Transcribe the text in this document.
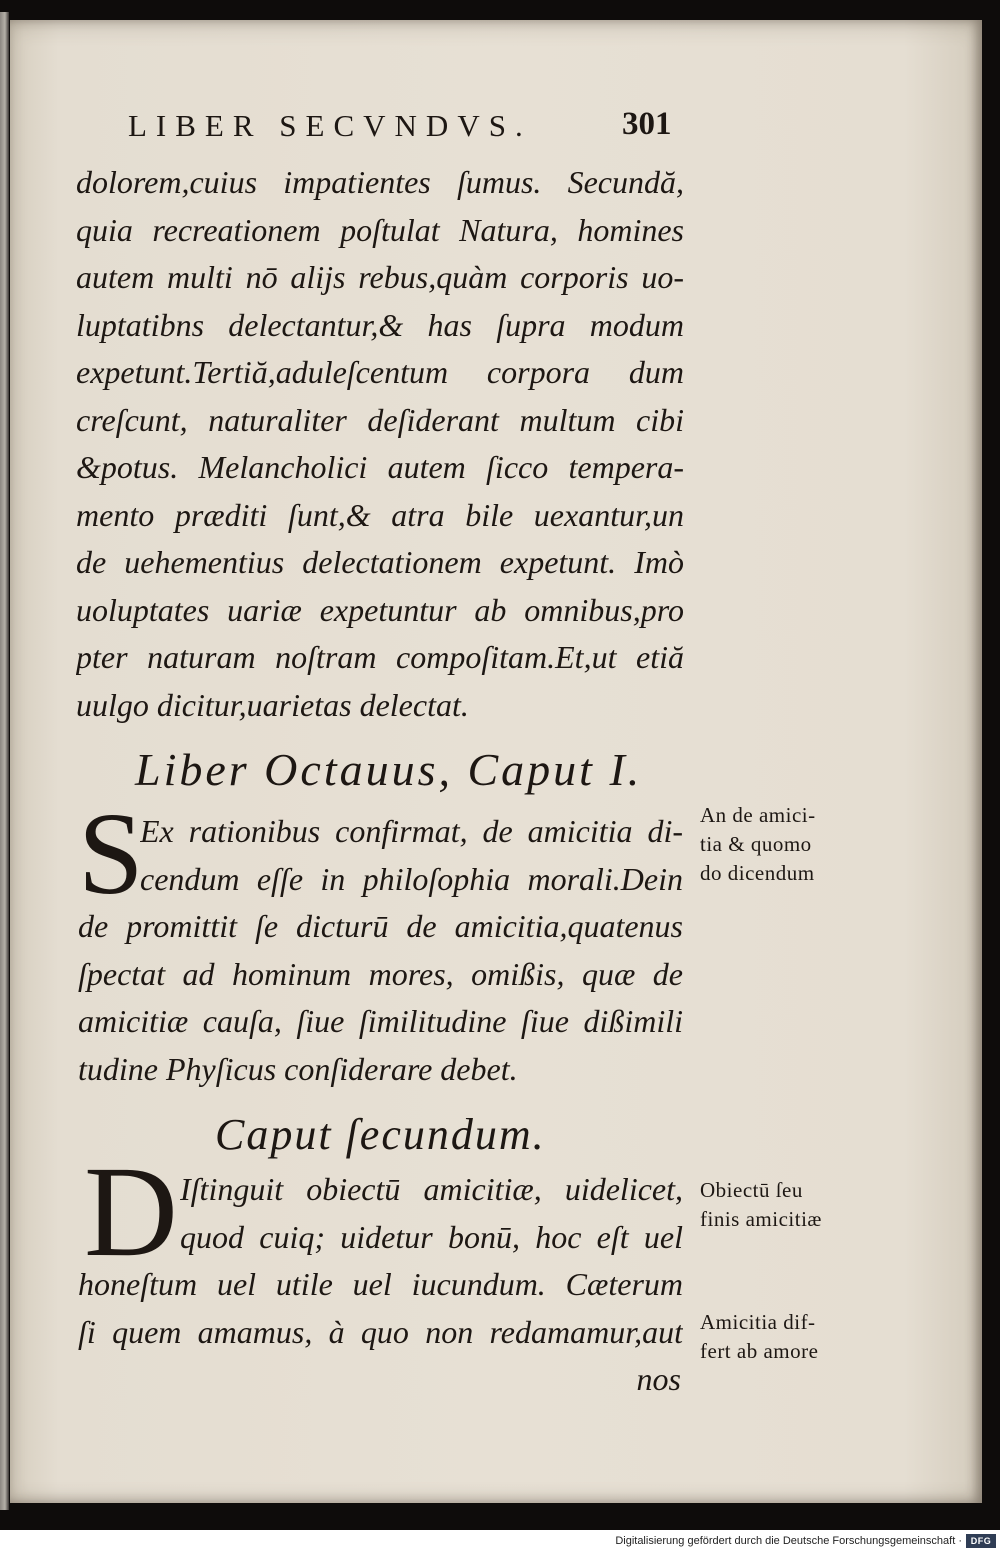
LIBER SECVNDVS.	301
dolorem,cuius impatientes ſumus. Secundă,
quia recreationem poſtulat Natura, homines
autem multi nō alijs rebus,quàm corporis uo-
luptatibns delectantur,& has ſupra modum
expetunt.Tertiă,aduleſcentum corpora dum
creſcunt, naturaliter deſiderant multum cibi
&potus. Melancholici autem ſicco tempera-
mento præditi ſunt,& atra bile uexantur,un
de uehementius delectationem expetunt. Imò
uoluptates uariæ expetuntur ab omnibus,pro
pter naturam noſtram compoſitam.Et,ut etiă
uulgo dicitur,uarietas delectat.
Liber Octauus, Caput I.
S
Ex rationibus confirmat, de amicitia di-
cendum eſſe in philoſophia morali.Dein
de promittit ſe dicturū de amicitia,quatenus
ſpectat ad hominum mores, omißis, quæ de
amicitiæ cauſa, ſiue ſimilitudine ſiue dißimili
tudine Phyſicus conſiderare debet.
Caput ſecundum.
D Iſtinguit obiectū amicitiæ, uidelicet,
quod cuiq; uidetur bonū, hoc eſt uel
honeſtum uel utile uel iucundum. Cæterum
ſi quem amamus, à quo non redamamur,aut
nos
An de amici-
tia & quomo
do dicendum
Obiectū ſeu
finis amicitiæ
Amicitia dif-
fert ab amore
Digitalisierung gefördert durch die Deutsche Forschungsgemeinschaft · DFG
